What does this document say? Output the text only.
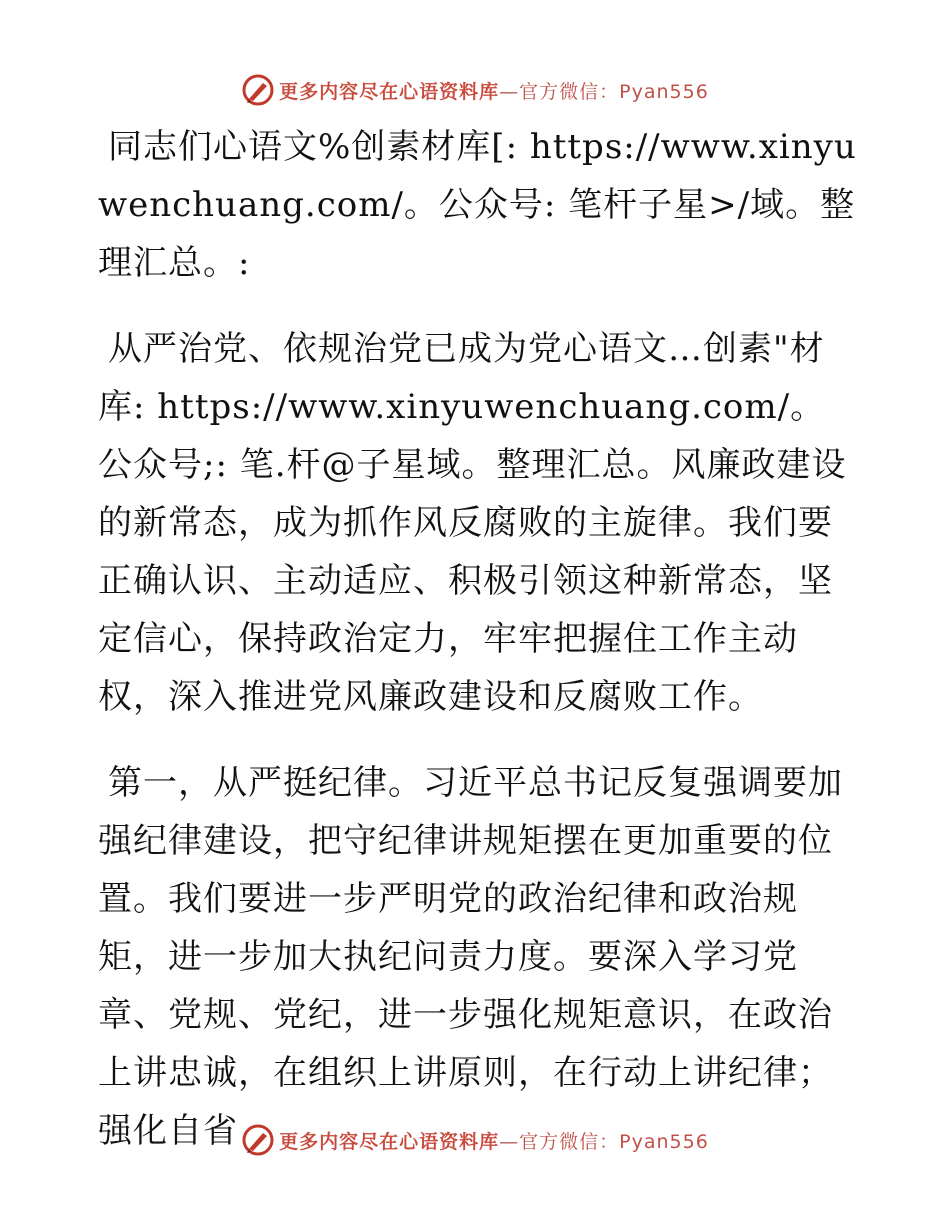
更多内容尽在心语资料库—官方微信：Pyan556

同志们心语文%创素材库[: https://www.xinyuwenchuang.com/。公众号: 笔杆子星>/域。整理汇总。:

从严治党、依规治党已成为党心语文…创素"材库: https://www.xinyuwenchuang.com/。公众号;: 笔.杆@子星域。整理汇总。风廉政建设的新常态，成为抓作风反腐败的主旋律。我们要正确认识、主动适应、积极引领这种新常态，坚定信心，保持政治定力，牢牢把握住工作主动权，深入推进党风廉政建设和反腐败工作。

第一，从严挺纪律。习近平总书记反复强调要加强纪律建设，把守纪律讲规矩摆在更加重要的位置。我们要进一步严明党的政治纪律和政治规矩，进一步加大执纪问责力度。要深入学习党章、党规、党纪，进一步强化规矩意识，在政治上讲忠诚，在组织上讲原则，在行动上讲纪律；强化自省	更多内容尽在心语资料库—官方微信：Pyan556
